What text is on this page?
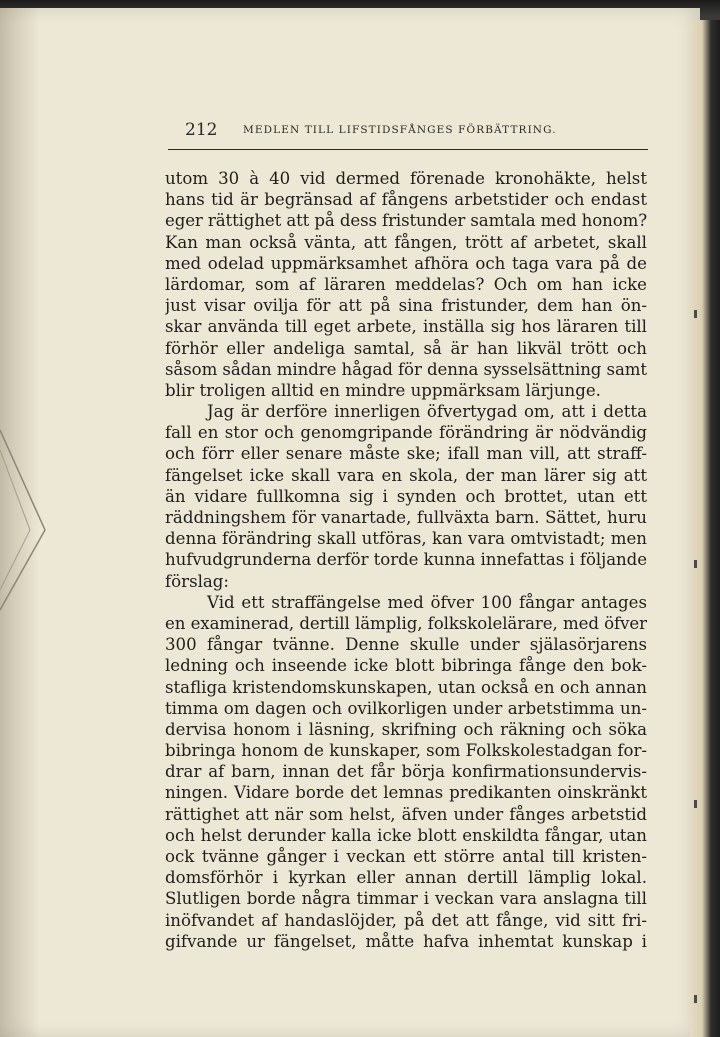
212 MEDLEN TILL LIFSTIDSFÅNGES FÖRBÄTTRING.
utom 30 à 40 vid dermed förenade kronohäkte, helst
hans tid är begränsad af fångens arbetstider och endast
eger rättighet att på dess fristunder samtala med honom?
Kan man också vänta, att fången, trött af arbetet, skall
med odelad uppmärksamhet afhöra och taga vara på de
lärdomar, som af läraren meddelas? Och om han icke
just visar ovilja för att på sina fristunder, dem han ön-
skar använda till eget arbete, inställa sig hos läraren till
förhör eller andeliga samtal, så är han likväl trött och
såsom sådan mindre hågad för denna sysselsättning samt
blir troligen alltid en mindre uppmärksam lärjunge.
Jag är derföre innerligen öfvertygad om, att i detta
fall en stor och genomgripande förändring är nödvändig
och förr eller senare måste ske; ifall man vill, att straff-
fängelset icke skall vara en skola, der man lärer sig att
än vidare fullkomna sig i synden och brottet, utan ett
räddningshem för vanartade, fullväxta barn. Sättet, huru
denna förändring skall utföras, kan vara omtvistadt; men
hufvudgrunderna derför torde kunna innefattas i följande
förslag:
Vid ett straffängelse med öfver 100 fångar antages
en examinerad, dertill lämplig, folkskolelärare, med öfver
300 fångar tvänne. Denne skulle under själasörjarens
ledning och inseende icke blott bibringa fånge den bok-
stafliga kristendomskunskapen, utan också en och annan
timma om dagen och ovilkorligen under arbetstimma un-
dervisa honom i läsning, skrifning och räkning och söka
bibringa honom de kunskaper, som Folkskolestadgan for-
drar af barn, innan det får börja konfirmationsundervis-
ningen. Vidare borde det lemnas predikanten oinskränkt
rättighet att när som helst, äfven under fånges arbetstid
och helst derunder kalla icke blott enskildta fångar, utan
ock tvänne gånger i veckan ett större antal till kristen-
domsförhör i kyrkan eller annan dertill lämplig lokal.
Slutligen borde några timmar i veckan vara anslagna till
inöfvandet af handaslöjder, på det att fånge, vid sitt fri-
gifvande ur fängelset, måtte hafva inhemtat kunskap i
